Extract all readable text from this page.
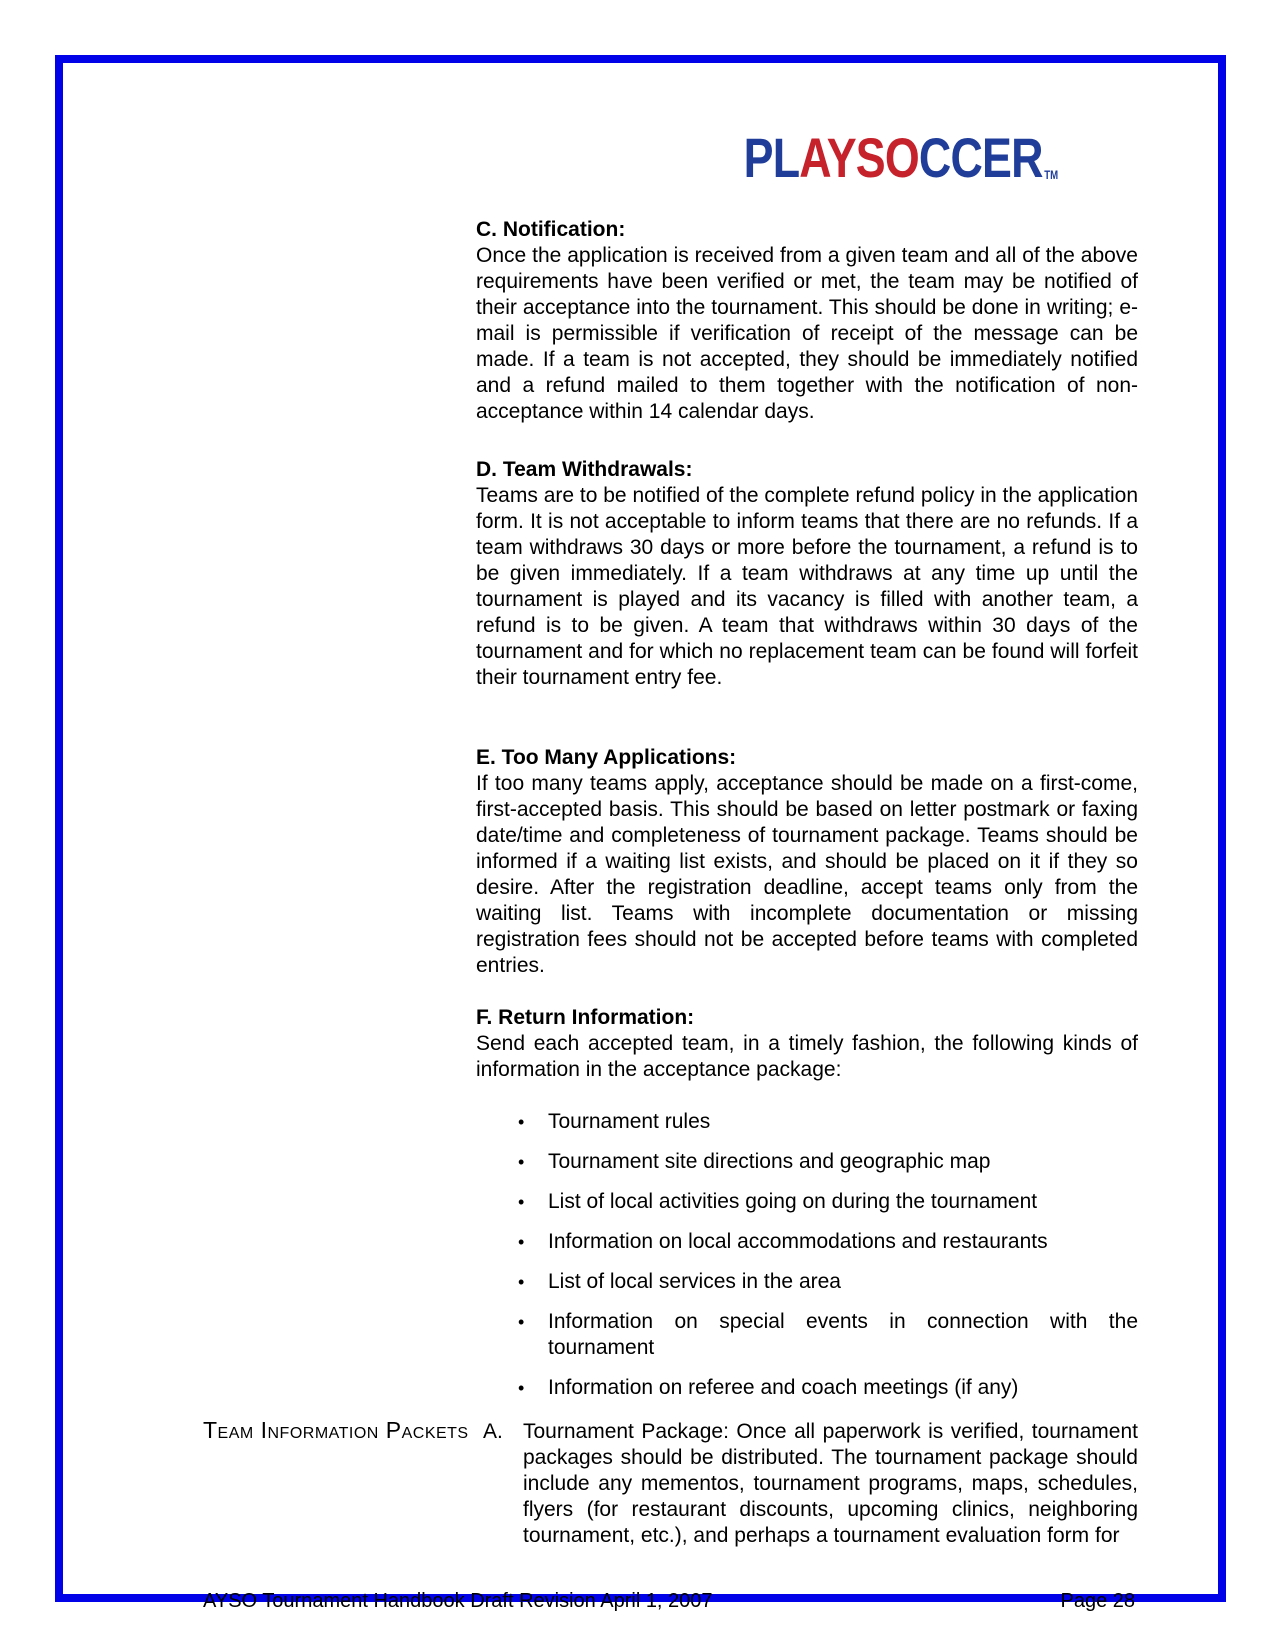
PL AYSO CCER TM
C. Notification:

Once the application is received from a given team and all of the above requirements have been verified or met, the team may be notified of their acceptance into the tournament. This should be done in writing; e-mail is permissible if verification of receipt of the message can be made. If a team is not accepted, they should be immediately notified and a refund mailed to them together with the notification of non-acceptance within 14 calendar days.

D. Team Withdrawals:

Teams are to be notified of the complete refund policy in the application form. It is not acceptable to inform teams that there are no refunds. If a team withdraws 30 days or more before the tournament, a refund is to be given immediately. If a team withdraws at any time up until the tournament is played and its vacancy is filled with another team, a refund is to be given. A team that withdraws within 30 days of the tournament and for which no replacement team can be found will forfeit their tournament entry fee.

E. Too Many Applications:

If too many teams apply, acceptance should be made on a first-come, first-accepted basis. This should be based on letter postmark or faxing date/time and completeness of tournament package. Teams should be informed if a waiting list exists, and should be placed on it if they so desire. After the registration deadline, accept teams only from the waiting list. Teams with incomplete documentation or missing registration fees should not be accepted before teams with completed entries.

F. Return Information:

Send each accepted team, in a timely fashion, the following kinds of information in the acceptance package:

• Tournament rules
• Tournament site directions and geographic map
• List of local activities going on during the tournament
• Information on local accommodations and restaurants
• List of local services in the area
• Information on special events in connection with the tournament
• Information on referee and coach meetings (if any)
A. Tournament Package: Once all paperwork is verified, tournament packages should be distributed. The tournament package should include any mementos, tournament programs, maps, schedules, flyers (for restaurant discounts, upcoming clinics, neighboring tournament, etc.), and perhaps a tournament evaluation form for

Team Information Packets
AYSO Tournament Handbook Draft Revision April 1, 2007	Page 28
